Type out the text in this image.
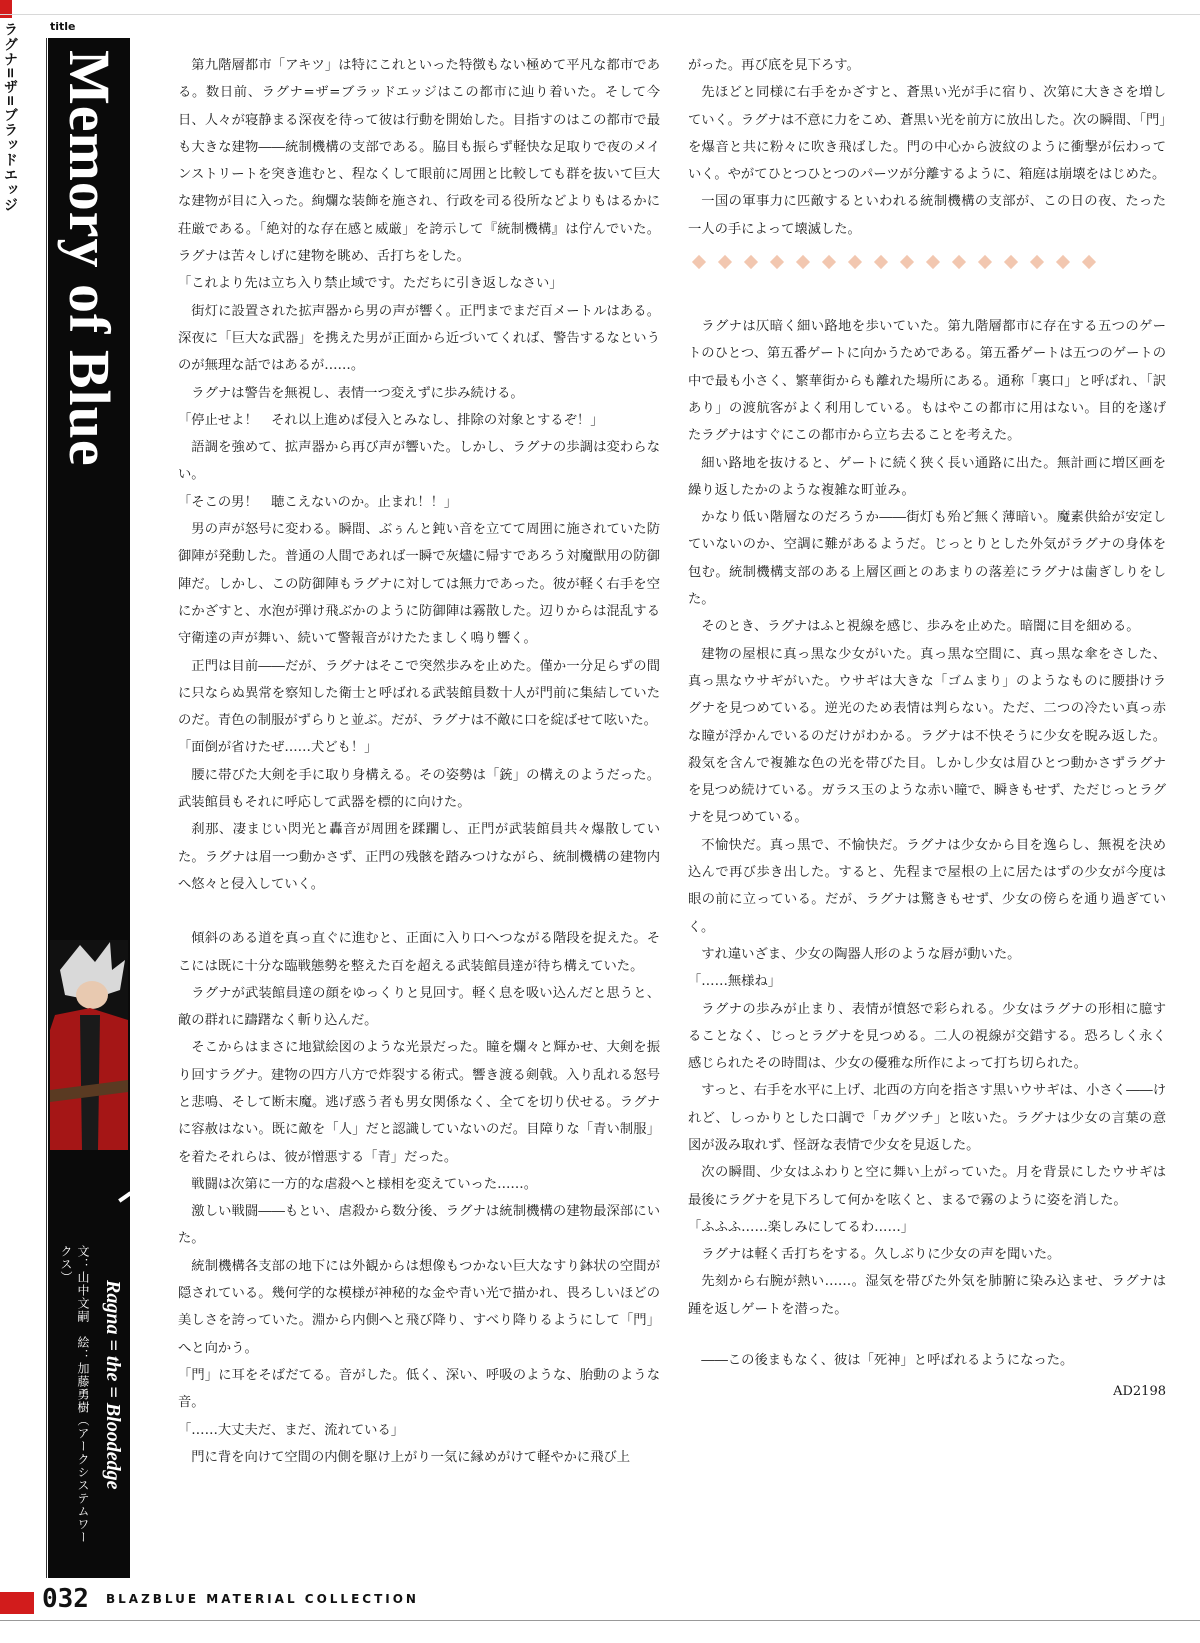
ラグナ=ザ=ブラッドエッジ	title
Memory of Blue
文：山中文嗣　絵：加藤勇樹（アークシステムワークス）
Ragna = the = Bloodedge

第九階層都市「アキツ」は特にこれといった特徴もない極めて平凡な都市である。数日前、ラグナ=ザ=ブラッドエッジはこの都市に辿り着いた。そして今日、人々が寝静まる深夜を待って彼は行動を開始した。目指すのはこの都市で最も大きな建物――統制機構の支部である。脇目も振らず軽快な足取りで夜のメインストリートを突き進むと、程なくして眼前に周囲と比較しても群を抜いて巨大な建物が目に入った。絢爛な装飾を施され、行政を司る役所などよりもはるかに荘厳である。「絶対的な存在感と威厳」を誇示して『統制機構』は佇んでいた。ラグナは苦々しげに建物を眺め、舌打ちをした。

「これより先は立ち入り禁止域です。ただちに引き返しなさい」

街灯に設置された拡声器から男の声が響く。正門までまだ百メートルはある。深夜に「巨大な武器」を携えた男が正面から近づいてくれば、警告するなというのが無理な話ではあるが……。

ラグナは警告を無視し、表情一つ変えずに歩み続ける。

「停止せよ！　それ以上進めば侵入とみなし、排除の対象とするぞ！」

語調を強めて、拡声器から再び声が響いた。しかし、ラグナの歩調は変わらない。

「そこの男！　聴こえないのか。止まれ！！」

男の声が怒号に変わる。瞬間、ぶぅんと鈍い音を立てて周囲に施されていた防御陣が発動した。普通の人間であれば一瞬で灰燼に帰すであろう対魔獣用の防御陣だ。しかし、この防御陣もラグナに対しては無力であった。彼が軽く右手を空にかざすと、水泡が弾け飛ぶかのように防御陣は霧散した。辺りからは混乱する守衛達の声が舞い、続いて警報音がけたたましく鳴り響く。

正門は目前――だが、ラグナはそこで突然歩みを止めた。僅か一分足らずの間に只ならぬ異常を察知した衛士と呼ばれる武装館員数十人が門前に集結していたのだ。青色の制服がずらりと並ぶ。だが、ラグナは不敵に口を綻ばせて呟いた。

「面倒が省けたぜ……犬ども！」

腰に帯びた大剣を手に取り身構える。その姿勢は「銃」の構えのようだった。武装館員もそれに呼応して武器を標的に向けた。

刹那、凄まじい閃光と轟音が周囲を蹂躙し、正門が武装館員共々爆散していた。ラグナは眉一つ動かさず、正門の残骸を踏みつけながら、統制機構の建物内へ悠々と侵入していく。

傾斜のある道を真っ直ぐに進むと、正面に入り口へつながる階段を捉えた。そこには既に十分な臨戦態勢を整えた百を超える武装館員達が待ち構えていた。

ラグナが武装館員達の顔をゆっくりと見回す。軽く息を吸い込んだと思うと、敵の群れに躊躇なく斬り込んだ。

そこからはまさに地獄絵図のような光景だった。瞳を爛々と輝かせ、大剣を振り回すラグナ。建物の四方八方で炸裂する術式。響き渡る剣戟。入り乱れる怒号と悲鳴、そして断末魔。逃げ惑う者も男女関係なく、全てを切り伏せる。ラグナに容赦はない。既に敵を「人」だと認識していないのだ。目障りな「青い制服」を着たそれらは、彼が憎悪する「青」だった。

戦闘は次第に一方的な虐殺へと様相を変えていった……。

激しい戦闘――もとい、虐殺から数分後、ラグナは統制機構の建物最深部にいた。

統制機構各支部の地下には外観からは想像もつかない巨大なすり鉢状の空間が隠されている。幾何学的な模様が神秘的な金や青い光で描かれ、畏ろしいほどの美しさを誇っていた。淵から内側へと飛び降り、すべり降りるようにして「門」へと向かう。

「門」に耳をそばだてる。音がした。低く、深い、呼吸のような、胎動のような音。

「……大丈夫だ、まだ、流れている」

門に背を向けて空間の内側を駆け上がり一気に縁めがけて軽やかに飛び上

がった。再び底を見下ろす。

先ほどと同様に右手をかざすと、蒼黒い光が手に宿り、次第に大きさを増していく。ラグナは不意に力をこめ、蒼黒い光を前方に放出した。次の瞬間、「門」を爆音と共に粉々に吹き飛ばした。門の中心から波紋のように衝撃が伝わっていく。やがてひとつひとつのパーツが分離するように、箱庭は崩壊をはじめた。

一国の軍事力に匹敵するといわれる統制機構の支部が、この日の夜、たった一人の手によって壊滅した。

ラグナは仄暗く細い路地を歩いていた。第九階層都市に存在する五つのゲートのひとつ、第五番ゲートに向かうためである。第五番ゲートは五つのゲートの中で最も小さく、繁華街からも離れた場所にある。通称「裏口」と呼ばれ、「訳あり」の渡航客がよく利用している。もはやこの都市に用はない。目的を遂げたラグナはすぐにこの都市から立ち去ることを考えた。

細い路地を抜けると、ゲートに続く狭く長い通路に出た。無計画に増区画を繰り返したかのような複雑な町並み。

かなり低い階層なのだろうか――街灯も殆ど無く薄暗い。魔素供給が安定していないのか、空調に難があるようだ。じっとりとした外気がラグナの身体を包む。統制機構支部のある上層区画とのあまりの落差にラグナは歯ぎしりをした。

そのとき、ラグナはふと視線を感じ、歩みを止めた。暗闇に目を細める。

建物の屋根に真っ黒な少女がいた。真っ黒な空間に、真っ黒な傘をさした、真っ黒なウサギがいた。ウサギは大きな「ゴムまり」のようなものに腰掛けラグナを見つめている。逆光のため表情は判らない。ただ、二つの冷たい真っ赤な瞳が浮かんでいるのだけがわかる。ラグナは不快そうに少女を睨み返した。殺気を含んで複雑な色の光を帯びた目。しかし少女は眉ひとつ動かさずラグナを見つめ続けている。ガラス玉のような赤い瞳で、瞬きもせず、ただじっとラグナを見つめている。

不愉快だ。真っ黒で、不愉快だ。ラグナは少女から目を逸らし、無視を決め込んで再び歩き出した。すると、先程まで屋根の上に居たはずの少女が今度は眼の前に立っている。だが、ラグナは驚きもせず、少女の傍らを通り過ぎていく。

すれ違いざま、少女の陶器人形のような唇が動いた。

「……無様ね」

ラグナの歩みが止まり、表情が憤怒で彩られる。少女はラグナの形相に臆することなく、じっとラグナを見つめる。二人の視線が交錯する。恐ろしく永く感じられたその時間は、少女の優雅な所作によって打ち切られた。

すっと、右手を水平に上げ、北西の方向を指さす黒いウサギは、小さく――けれど、しっかりとした口調で「カグツチ」と呟いた。ラグナは少女の言葉の意図が汲み取れず、怪訝な表情で少女を見返した。

次の瞬間、少女はふわりと空に舞い上がっていた。月を背景にしたウサギは最後にラグナを見下ろして何かを呟くと、まるで霧のように姿を消した。

「ふふふ……楽しみにしてるわ……」

ラグナは軽く舌打ちをする。久しぶりに少女の声を聞いた。

先刻から右腕が熱い……。湿気を帯びた外気を肺腑に染み込ませ、ラグナは踵を返しゲートを潜った。

――この後まもなく、彼は「死神」と呼ばれるようになった。

AD2198
032 BLAZBLUE MATERIAL COLLECTION
